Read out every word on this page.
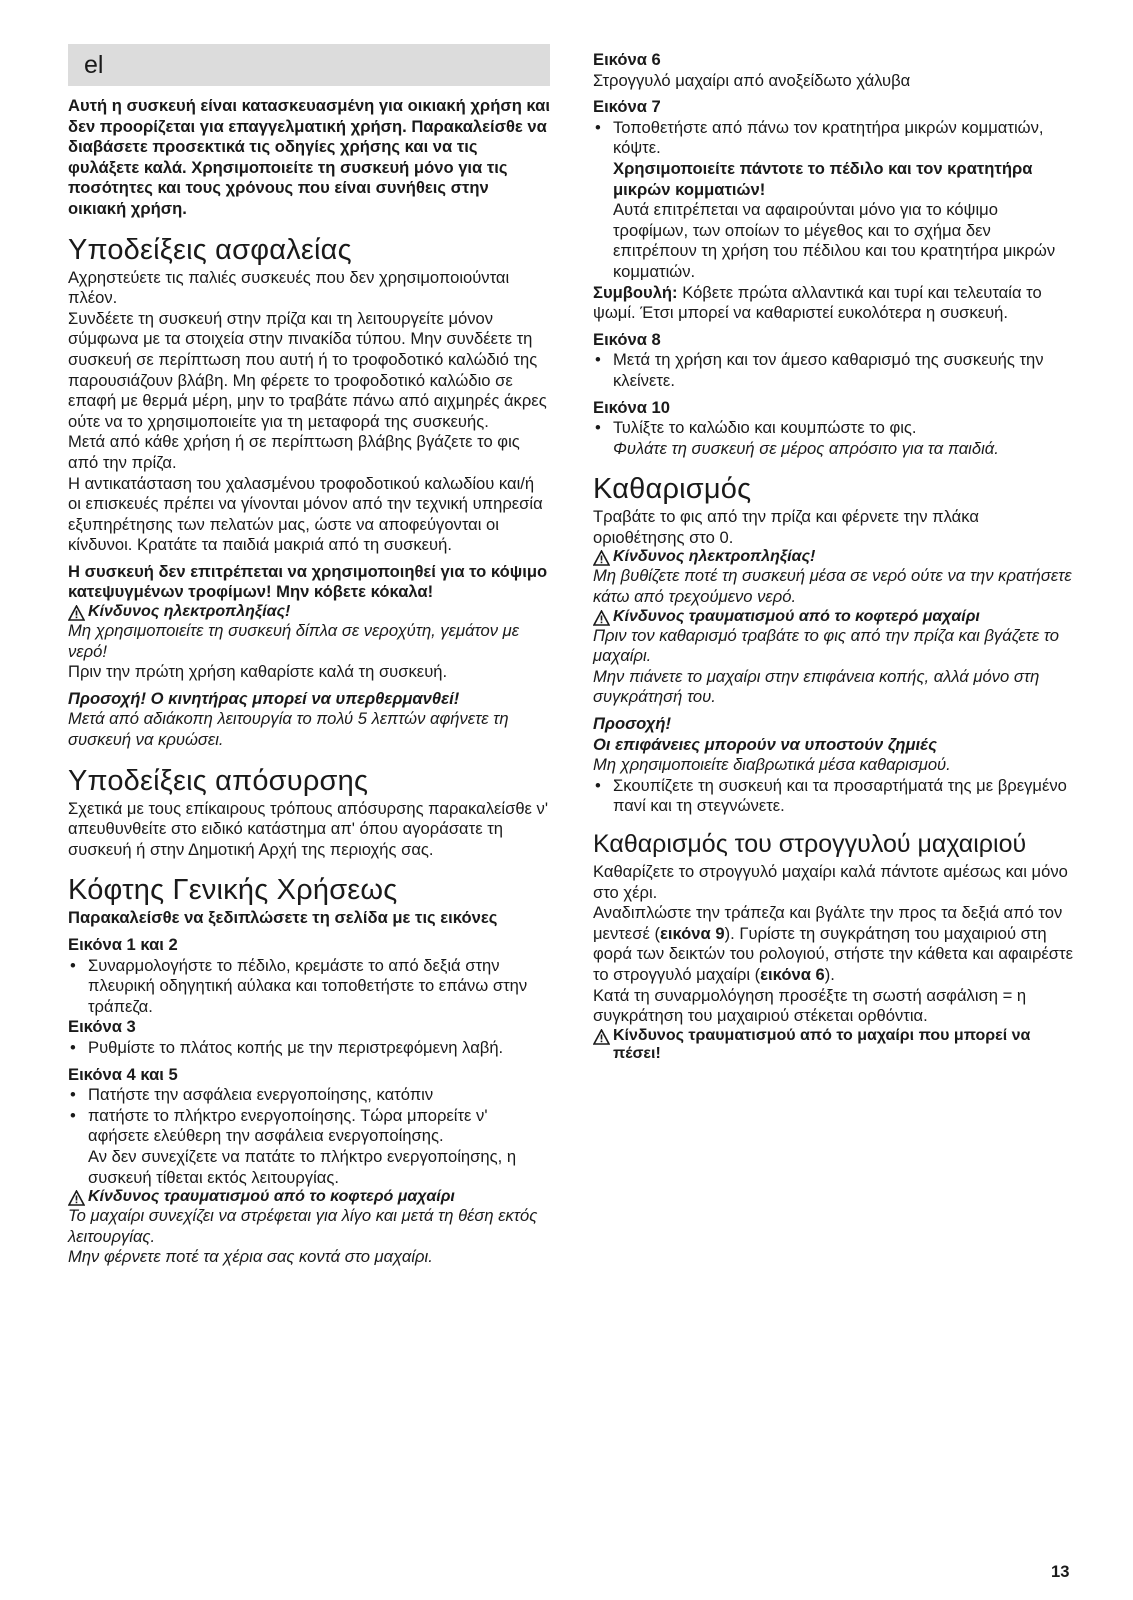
el

Αυτή η συσκευή είναι κατασκευασμένη για οικιακή χρήση και δεν προορίζεται για επαγγελματική χρήση. Παρακαλείσθε να διαβάσετε προσεκτικά τις οδηγίες χρήσης και να τις φυλάξετε καλά. Χρησιμοποιείτε τη συσκευή μόνο για τις ποσότητες και τους χρόνους που είναι συνήθεις στην οικιακή χρήση.

Υποδείξεις ασφαλείας

Αχρηστεύετε τις παλιές συσκευές που δεν χρησιμοποιούνται πλέον.

Συνδέετε τη συσκευή στην πρίζα και τη λειτουργείτε μόνον σύμφωνα με τα στοιχεία στην πινακίδα τύπου. Μην συνδέετε τη συσκευή σε περίπτωση που αυτή ή το τροφοδοτικό καλώδιό της παρουσιάζουν βλάβη. Μη φέρετε το τροφοδοτικό καλώδιο σε επαφή με θερμά μέρη, μην το τραβάτε πάνω από αιχμηρές άκρες ούτε να το χρησιμοποιείτε για τη μεταφορά της συσκευής.

Μετά από κάθε χρήση ή σε περίπτωση βλάβης βγάζετε το φις από την πρίζα.

Η αντικατάσταση του χαλασμένου τροφοδοτικού καλωδίου και/ή οι επισκευές πρέπει να γίνονται μόνον από την τεχνική υπηρεσία εξυπηρέτησης των πελατών μας, ώστε να αποφεύγονται οι κίνδυνοι. Κρατάτε τα παιδιά μακριά από τη συσκευή.

Η συσκευή δεν επιτρέπεται να χρησιμοποιηθεί για το κόψιμο κατεψυγμένων τροφίμων! Μην κόβετε κόκαλα!

Κίνδυνος ηλεκτροπληξίας!

Μη χρησιμοποιείτε τη συσκευή δίπλα σε νεροχύτη, γεμάτον με νερό!

Πριν την πρώτη χρήση καθαρίστε καλά τη συσκευή.

Προσοχή! Ο κινητήρας μπορεί να υπερθερμανθεί!

Μετά από αδιάκοπη λειτουργία το πολύ 5 λεπτών αφήνετε τη συσκευή να κρυώσει.

Υποδείξεις απόσυρσης

Σχετικά με τους επίκαιρους τρόπους απόσυρσης παρακαλείσθε ν' απευθυνθείτε στο ειδικό κατάστημα απ' όπου αγοράσατε τη συσκευή ή στην Δημοτική Αρχή της περιοχής σας.

Κόφτης Γενικής Χρήσεως

Παρακαλείσθε να ξεδιπλώσετε τη σελίδα με τις εικόνες

Εικόνα 1 και 2

• Συναρμολογήστε το πέδιλο, κρεμάστε το από δεξιά στην πλευρική οδηγητική αύλακα και τοποθετήστε το επάνω στην τράπεζα.

Εικόνα 3

• Ρυθμίστε το πλάτος κοπής με την περιστρεφόμενη λαβή.

Εικόνα 4 και 5

• Πατήστε την ασφάλεια ενεργοποίησης, κατόπιν
• πατήστε το πλήκτρο ενεργοποίησης. Τώρα μπορείτε ν' αφήσετε ελεύθερη την ασφάλεια ενεργοποίησης.

Αν δεν συνεχίζετε να πατάτε το πλήκτρο ενεργοποίησης, η συσκευή τίθεται εκτός λειτουργίας.

Κίνδυνος τραυματισμού από το κοφτερό μαχαίρι

Το μαχαίρι συνεχίζει να στρέφεται για λίγο και μετά τη θέση εκτός λειτουργίας.

Μην φέρνετε ποτέ τα χέρια σας κοντά στο μαχαίρι.

Εικόνα 6

Στρογγυλό μαχαίρι από ανοξείδωτο χάλυβα

Εικόνα 7

• Τοποθετήστε από πάνω τον κρατητήρα μικρών κομματιών, κόψτε.

Χρησιμοποιείτε πάντοτε το πέδιλο και τον κρατητήρα μικρών κομματιών!

Αυτά επιτρέπεται να αφαιρούνται μόνο για το κόψιμο τροφίμων, των οποίων το μέγεθος και το σχήμα δεν επιτρέπουν τη χρήση του πέδιλου και του κρατητήρα μικρών κομματιών.

Συμβουλή: Κόβετε πρώτα αλλαντικά και τυρί και τελευταία το ψωμί. Έτσι μπορεί να καθαριστεί ευκολότερα η συσκευή.

Εικόνα 8

• Μετά τη χρήση και τον άμεσο καθαρισμό της συσκευής την κλείνετε.

Εικόνα 10

• Τυλίξτε το καλώδιο και κουμπώστε το φις.

Φυλάτε τη συσκευή σε μέρος απρόσιτο για τα παιδιά.

Καθαρισμός

Τραβάτε το φις από την πρίζα και φέρνετε την πλάκα οριοθέτησης στο 0.

Κίνδυνος ηλεκτροπληξίας!

Μη βυθίζετε ποτέ τη συσκευή μέσα σε νερό ούτε να την κρατήσετε κάτω από τρεχούμενο νερό.

Κίνδυνος τραυματισμού από το κοφτερό μαχαίρι

Πριν τον καθαρισμό τραβάτε το φις από την πρίζα και βγάζετε το μαχαίρι.

Μην πιάνετε το μαχαίρι στην επιφάνεια κοπής, αλλά μόνο στη συγκράτησή του.

Προσοχή!

Οι επιφάνειες μπορούν να υποστούν ζημιές

Μη χρησιμοποιείτε διαβρωτικά μέσα καθαρισμού.

• Σκουπίζετε τη συσκευή και τα προσαρτήματά της με βρεγμένο πανί και τη στεγνώνετε.
Καθαρισμός του στρογγυλού μαχαιριού

Καθαρίζετε το στρογγυλό μαχαίρι καλά πάντοτε αμέσως και μόνο στο χέρι.

Αναδιπλώστε την τράπεζα και βγάλτε την προς τα δεξιά από τον μεντεσέ (εικόνα 9). Γυρίστε τη συγκράτηση του μαχαιριού στη φορά των δεικτών του ρολογιού, στήστε την κάθετα και αφαιρέστε το στρογγυλό μαχαίρι (εικόνα 6).

Κατά τη συναρμολόγηση προσέξτε τη σωστή ασφάλιση = η συγκράτηση του μαχαιριού στέκεται ορθόντια.

Κίνδυνος τραυματισμού από το μαχαίρι που μπορεί να πέσει!
13
